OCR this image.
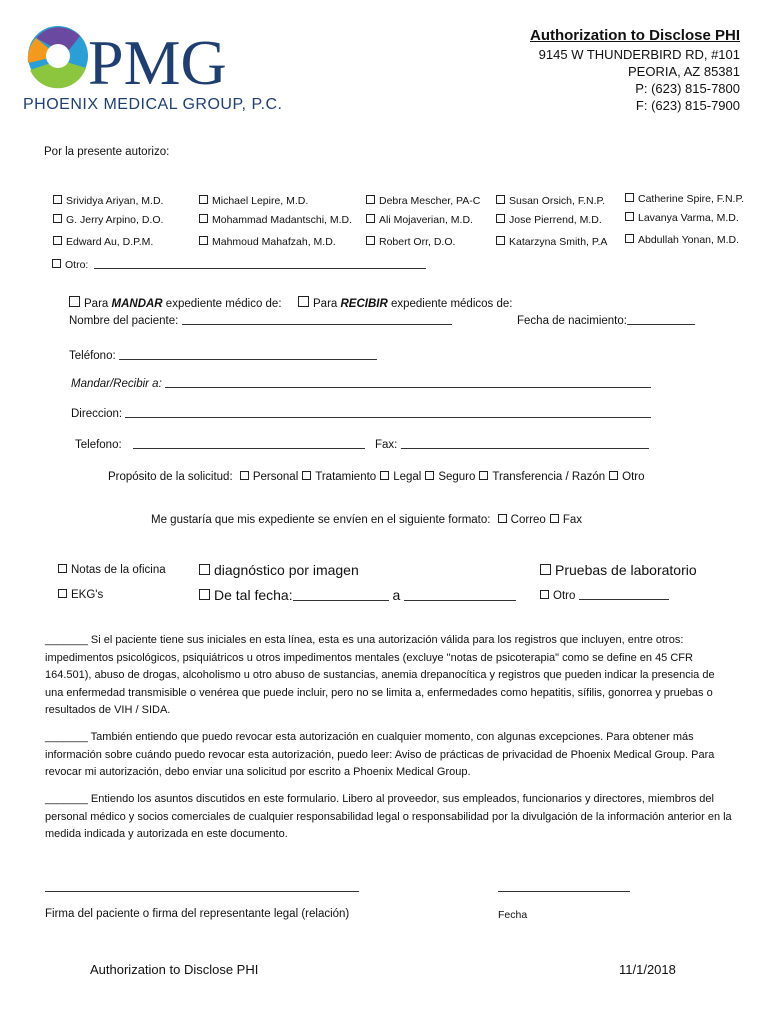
PMG
PHOENIX MEDICAL GROUP, P.C.
Authorization to Disclose PHI
9145 W THUNDERBIRD RD, #101
PEORIA, AZ 85381
P: (623) 815-7800
F: (623) 815-7900
Por la presente autorizo:
Srividya Ariyan, M.D.	Michael Lepire, M.D.	Debra Mescher, PA-C	Susan Orsich, F.N.P.	Catherine Spire, F.N.P.
G. Jerry Arpino, D.O.	Mohammad Madantschi, M.D.	Ali Mojaverian, M.D.	Jose Pierrend, M.D.	Lavanya Varma, M.D.
Edward Au, D.P.M.	Mahmoud Mahafzah, M.D.	Robert Orr, D.O.	Katarzyna Smith, P.A	Abdullah Yonan, M.D.
Otro:
Para MANDAR expediente médico de:	Para RECIBIR expediente médicos de:
Nombre del paciente:	Fecha de nacimiento:
Teléfono:
Mandar/Recibir a:
Direccion:
Telefono:	Fax:
Propósito de la solicitud: Personal Tratamiento Legal Seguro Transferencia / Razón Otro
Me gustaría que mis expediente se envíen en el siguiente formato: Correo Fax
Notas de la oficina	diagnóstico por imagen	Pruebas de laboratorio
EKG's	De tal fecha:	a	Otro
_______ Si el paciente tiene sus iniciales en esta línea, esta es una autorización válida para los registros que incluyen, entre otros: impedimentos psicológicos, psiquiátricos u otros impedimentos mentales (excluye "notas de psicoterapia" como se define en 45 CFR 164.501), abuso de drogas, alcoholismo u otro abuso de sustancias, anemia drepanocítica y registros que pueden indicar la presencia de una enfermedad transmisible o venérea que puede incluir, pero no se limita a, enfermedades como hepatitis, sífilis, gonorrea y pruebas o resultados de VIH / SIDA.
_______ También entiendo que puedo revocar esta autorización en cualquier momento, con algunas excepciones. Para obtener más información sobre cuándo puedo revocar esta autorización, puedo leer: Aviso de prácticas de privacidad de Phoenix Medical Group. Para revocar mi autorización, debo enviar una solicitud por escrito a Phoenix Medical Group.
_______ Entiendo los asuntos discutidos en este formulario. Libero al proveedor, sus empleados, funcionarios y directores, miembros del personal médico y socios comerciales de cualquier responsabilidad legal o responsabilidad por la divulgación de la información anterior en la medida indicada y autorizada en este documento.
Firma del paciente o firma del representante legal (relación)	Fecha
Authorization to Disclose PHI	11/1/2018
